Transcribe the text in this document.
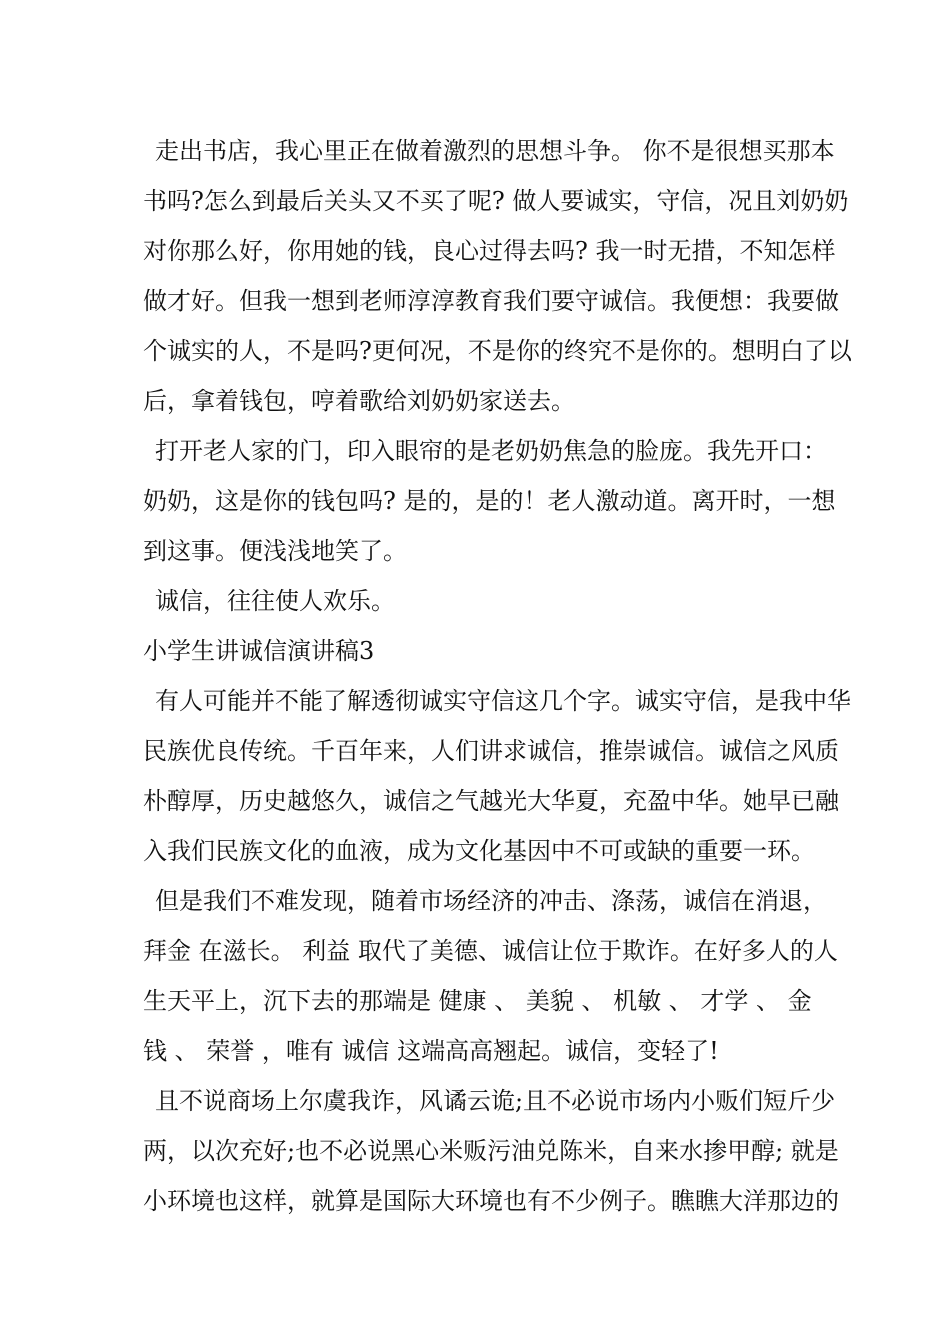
走出书店，我心里正在做着激烈的思想斗争。 你不是很想买那本
书吗?怎么到最后关头又不买了呢? 做人要诚实，守信，况且刘奶奶
对你那么好，你用她的钱，良心过得去吗? 我一时无措，不知怎样
做才好。但我一想到老师淳淳教育我们要守诚信。我便想：我要做
个诚实的人，不是吗?更何况，不是你的终究不是你的。想明白了以
后，拿着钱包，哼着歌给刘奶奶家送去。
打开老人家的门，印入眼帘的是老奶奶焦急的脸庞。我先开口：
奶奶，这是你的钱包吗? 是的，是的！老人激动道。离开时，一想
到这事。便浅浅地笑了。
诚信，往往使人欢乐。
小学生讲诚信演讲稿3
有人可能并不能了解透彻诚实守信这几个字。诚实守信，是我中华
民族优良传统。千百年来，人们讲求诚信，推崇诚信。诚信之风质
朴醇厚，历史越悠久，诚信之气越光大华夏，充盈中华。她早已融
入我们民族文化的血液，成为文化基因中不可或缺的重要一环。
但是我们不难发现，随着市场经济的冲击、涤荡，诚信在消退，
拜金 在滋长。 利益 取代了美德、诚信让位于欺诈。在好多人的人
生天平上，沉下去的那端是 健康 、 美貌 、 机敏 、 才学 、 金
钱 、 荣誉 ，唯有 诚信 这端高高翘起。诚信，变轻了!
且不说商场上尔虞我诈，风谲云诡;且不必说市场内小贩们短斤少
两，以次充好;也不必说黑心米贩污油兑陈米，自来水掺甲醇; 就是
小环境也这样，就算是国际大环境也有不少例子。瞧瞧大洋那边的
